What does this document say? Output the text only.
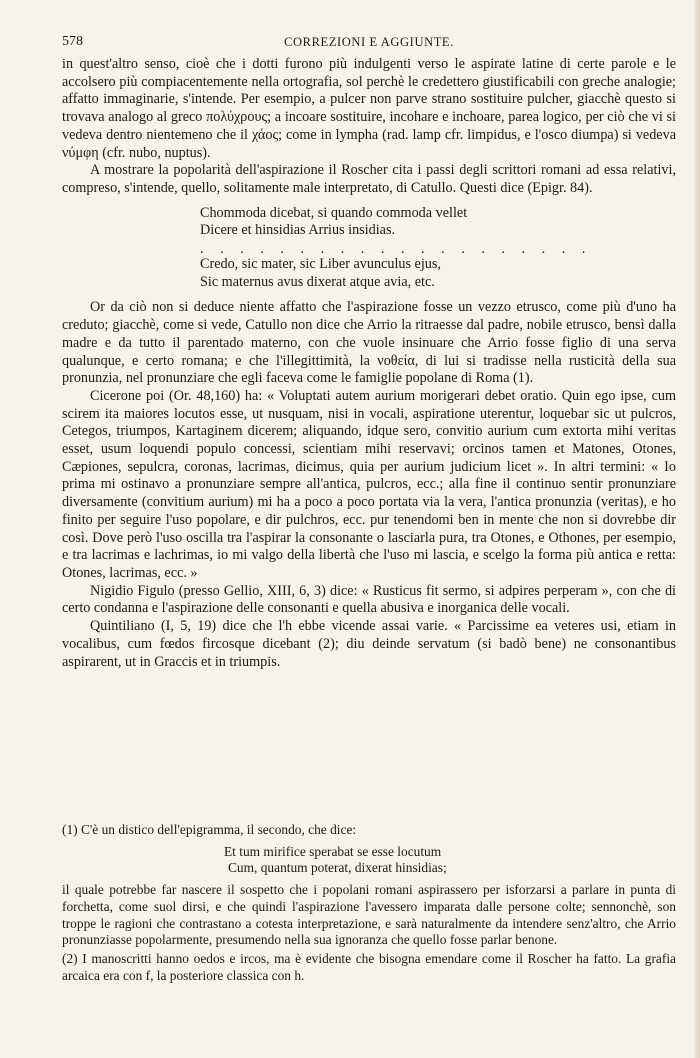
578	CORREZIONI E AGGIUNTE.

in quest'altro senso, cioè che i dotti furono più indulgenti verso le aspirate latine di certe parole e le accolsero più compiacentemente nella ortografia, sol perchè le credettero giustificabili con greche analogie; affatto immaginarie, s'intende. Per esempio, a pulcer non parve strano sostituire pulcher, giacchè questo si trovava analogo al greco πολύχρους; a incoare sostituire, incohare e inchoare, parea logico, per ciò che vi si vedeva dentro nientemeno che il χάος; come in lympha (rad. lamp cfr. limpidus, e l'osco diumpa) si vedeva νύμφη (cfr. nubo, nuptus).

A mostrare la popolarità dell'aspirazione il Roscher cita i passi degli scrittori romani ad essa relativi, compreso, s'intende, quello, solitamente male interpretato, di Catullo. Questi dice (Epigr. 84).

Chommoda dicebat, si quando commoda vellet
Dicere et hinsidias Arrius insidias.
. . . . . . . . . . . . . . . . . . . .
Credo, sic mater, sic Liber avunculus ejus,
Sic maternus avus dixerat atque avia, etc.

Or da ciò non si deduce niente affatto che l'aspirazione fosse un vezzo etrusco, come più d'uno ha creduto; giacchè, come si vede, Catullo non dice che Arrio la ritraesse dal padre, nobile etrusco, bensì dalla madre e da tutto il parentado materno, con che vuole insinuare che Arrio fosse figlio di una serva qualunque, e certo romana; e che l'illegittimità, la νοθεία, di lui si tradisse nella rusticità della sua pronunzia, nel pronunziare che egli faceva come le famiglie popolane di Roma (1).

Cicerone poi (Or. 48,160) ha: « Voluptati autem aurium morigerari debet oratio. Quin ego ipse, cum scirem ita maiores locutos esse, ut nusquam, nisi in vocali, aspiratione uterentur, loquebar sic ut pulcros, Cetegos, triumpos, Kartaginem dicerem; aliquando, idque sero, convitio aurium cum extorta mihi veritas esset, usum loquendi populo concessi, scientiam mihi reservavi; orcinos tamen et Matones, Otones, Cæpiones, sepulcra, coronas, lacrimas, dicimus, quia per aurium judicium licet ». In altri termini: « Io prima mi ostinavo a pronunziare sempre all'antica, pulcros, ecc.; alla fine il continuo sentir pronunziare diversamente (convitium aurium) mi ha a poco a poco portata via la vera, l'antica pronunzia (veritas), e ho finito per seguire l'uso popolare, e dir pulchros, ecc. pur tenendomi ben in mente che non si dovrebbe dir così. Dove però l'uso oscilla tra l'aspirar la consonante o lasciarla pura, tra Otones, e Othones, per esempio, e tra lacrimas e lachrimas, io mi valgo della libertà che l'uso mi lascia, e scelgo la forma più antica e retta: Otones, lacrimas, ecc. »

Nigidio Figulo (presso Gellio, XIII, 6, 3) dice: « Rusticus fit sermo, si adpires perperam », con che di certo condanna e l'aspirazione delle consonanti e quella abusiva e inorganica delle vocali.

Quintiliano (I, 5, 19) dice che l'h ebbe vicende assai varie. « Parcissime ea veteres usi, etiam in vocalibus, cum fœdos fircosque dicebant (2); diu deinde servatum (si badò bene) ne consonantibus aspirarent, ut in Graccis et in triumpis.

(1) C'è un distico dell'epigramma, il secondo, che dice:

Et tum mirifice sperabat se esse locutum
Cum, quantum poterat, dixerat hinsidias;

il quale potrebbe far nascere il sospetto che i popolani romani aspirassero per isforzarsi a parlare in punta di forchetta, come suol dirsi, e che quindi l'aspirazione l'avessero imparata dalle persone colte; sennonchè, son troppe le ragioni che contrastano a cotesta interpretazione, e sarà naturalmente da intendere senz'altro, che Arrio pronunziasse popolarmente, presumendo nella sua ignoranza che quello fosse parlar benone.

(2) I manoscritti hanno oedos e ircos, ma è evidente che bisogna emendare come il Roscher ha fatto. La grafia arcaica era con f, la posteriore classica con h.
